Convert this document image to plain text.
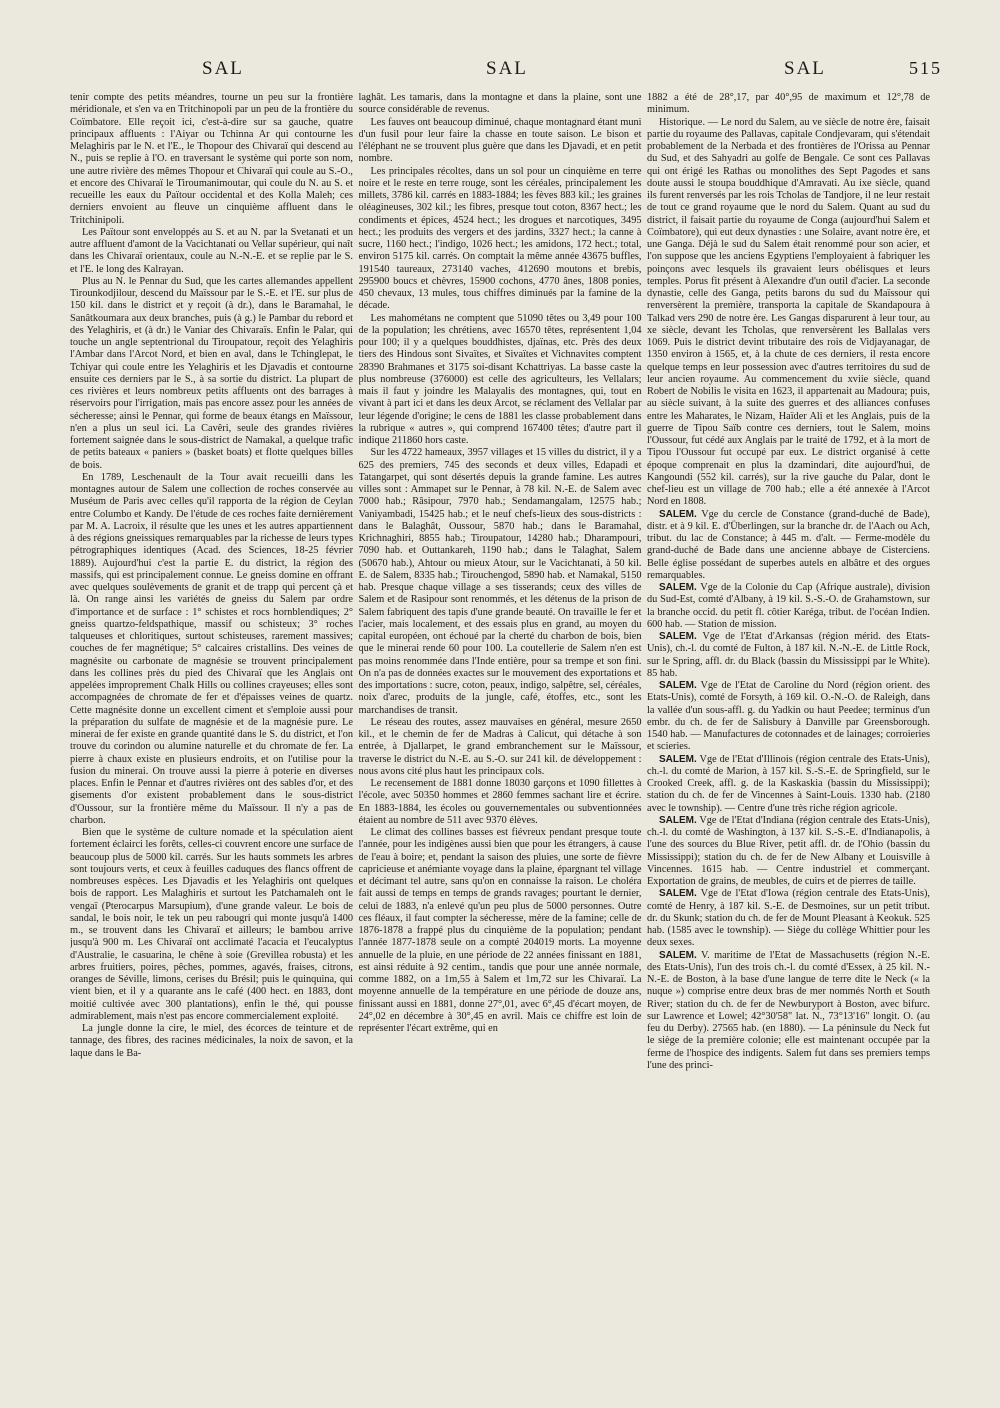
SAL	SAL	SAL	515

tenir compte des petits méandres, tourne un peu sur la frontière méridionale, et s'en va en Tritchinopoli par un peu de la frontière du Coïmbatore. Elle reçoit ici, c'est-à-dire sur sa gauche, quatre principaux affluents : l'Aiyar ou Tchinna Ar qui contourne les Melaghiris par le N. et l'E., le Thopour des Chivaraï qui descend au N., puis se replie à l'O. en traversant le système qui porte son nom, une autre rivière des mêmes Thopour et Chivaraï qui coule au S.-O., et encore des Chivaraï le Tiroumanimoutar, qui coule du N. au S. et recueille les eaux du Païtour occidental et des Kolla Maleh; ces derniers envoient au fleuve un cinquième affluent dans le Tritchinipoli.

Les Païtour sont enveloppés au S. et au N. par la Svetanati et un autre affluent d'amont de la Vacichtanati ou Vellar supérieur, qui naît dans les Chivaraï orientaux, coule au N.-N.-E. et se replie par le S. et l'E. le long des Kalrayan.

Plus au N. le Pennar du Sud, que les cartes allemandes appellent Tirounkodjilour, descend du Maïssour par le S.-E. et l'E. sur plus de 150 kil. dans le district et y reçoit (à dr.), dans le Baramahal, le Sanâtkoumara aux deux branches, puis (à g.) le Pambar du rebord et des Yelaghiris, et (à dr.) le Vaniar des Chivaraïs. Enfin le Palar, qui touche un angle septentrional du Tiroupatour, reçoit des Yelaghiris l'Ambar dans l'Arcot Nord, et bien en aval, dans le Tchinglepat, le Tchiyar qui coule entre les Yelaghiris et les Djavadis et contourne ensuite ces derniers par le S., à sa sortie du district. La plupart de ces rivières et leurs nombreux petits affluents ont des barrages à réservoirs pour l'irrigation, mais pas encore assez pour les années de sécheresse; ainsi le Pennar, qui forme de beaux étangs en Maïssour, n'en a plus un seul ici. La Cavêri, seule des grandes rivières fortement saignée dans le sous-district de Namakal, a quelque trafic de petits bateaux « paniers » (basket boats) et flotte quelques billes de bois.

En 1789, Leschenault de la Tour avait recueilli dans les montagnes autour de Salem une collection de roches conservée au Muséum de Paris avec celles qu'il rapporta de la région de Ceylan entre Columbo et Kandy. De l'étude de ces roches faite dernièrement par M. A. Lacroix, il résulte que les unes et les autres appartiennent à des régions gneissiques remarquables par la richesse de leurs types pétrographiques identiques (Acad. des Sciences, 18-25 février 1889). Aujourd'hui c'est la partie E. du district, la région des massifs, qui est principalement connue. Le gneiss domine en offrant avec quelques soulèvements de granit et de trapp qui percent çà et là. On range ainsi les variétés de gneiss du Salem par ordre d'importance et de surface : 1° schistes et rocs hornblendiques; 2° gneiss quartzo-feldspathique, massif ou schisteux; 3° roches talqueuses et chloritiques, surtout schisteuses, rarement massives; couches de fer magnétique; 5° calcaires cristallins. Des veines de magnésite ou carbonate de magnésie se trouvent principalement dans les collines près du pied des Chivaraï que les Anglais ont appelées improprement Chalk Hills ou collines crayeuses; elles sont accompagnées de chromate de fer et d'épaisses veines de quartz. Cette magnésite donne un excellent ciment et s'emploie aussi pour la préparation du sulfate de magnésie et de la magnésie pure. Le minerai de fer existe en grande quantité dans le S. du district, et l'on trouve du corindon ou alumine naturelle et du chromate de fer. La pierre à chaux existe en plusieurs endroits, et on l'utilise pour la fusion du minerai. On trouve aussi la pierre à poterie en diverses places. Enfin le Pennar et d'autres rivières ont des sables d'or, et des gisements d'or existent probablement dans le sous-district d'Oussour, sur la frontière même du Maïssour. Il n'y a pas de charbon.

Bien que le système de culture nomade et la spéculation aient fortement éclairci les forêts, celles-ci couvrent encore une surface de beaucoup plus de 5000 kil. carrés. Sur les hauts sommets les arbres sont toujours verts, et ceux à feuilles caduques des flancs offrent de nombreuses espèces. Les Djavadis et les Yelaghiris ont quelques bois de rapport. Les Malaghiris et surtout les Patchamaleh ont le vengaï (Pterocarpus Marsupium), d'une grande valeur. Le bois de sandal, le bois noir, le tek un peu rabougri qui monte jusqu'à 1400 m., se trouvent dans les Chivaraï et ailleurs; le bambou arrive jusqu'à 900 m. Les Chivaraï ont acclimaté l'acacia et l'eucalyptus d'Australie, le casuarina, le chêne à soie (Grevillea robusta) et les arbres fruitiers, poires, pêches, pommes, agavés, fraises, citrons, oranges de Séville, limons, cerises du Brésil; puis le quinquina, qui vient bien, et il y a quarante ans le café (400 hect. en 1883, dont moitié cultivée avec 300 plantations), enfin le thé, qui pousse admirablement, mais n'est pas encore commercialement exploité.

La jungle donne la cire, le miel, des écorces de teinture et de tannage, des fibres, des racines médicinales, la noix de savon, et la laque dans le Ba-

laghât. Les tamaris, dans la montagne et dans la plaine, sont une source considérable de revenus.

Les fauves ont beaucoup diminué, chaque montagnard étant muni d'un fusil pour leur faire la chasse en toute saison. Le bison et l'éléphant ne se trouvent plus guère que dans les Djavadi, et en petit nombre.

Les principales récoltes, dans un sol pour un cinquième en terre noire et le reste en terre rouge, sont les céréales, principalement les millets, 3786 kil. carrés en 1883-1884; les fèves 883 kil.; les graines oléagineuses, 302 kil.; les fibres, presque tout coton, 8367 hect.; les condiments et épices, 4524 hect.; les drogues et narcotiques, 3495 hect.; les produits des vergers et des jardins, 3327 hect.; la canne à sucre, 1160 hect.; l'indigo, 1026 hect.; les amidons, 172 hect.; total, environ 5175 kil. carrés. On comptait la même année 43675 buffles, 191540 taureaux, 273140 vaches, 412690 moutons et brebis, 295900 boucs et chèvres, 15900 cochons, 4770 ânes, 1808 ponies, 450 chevaux, 13 mules, tous chiffres diminués par la famine de la décade.

Les mahométans ne comptent que 51090 têtes ou 3,49 pour 100 de la population; les chrétiens, avec 16570 têtes, représentent 1,04 pour 100; il y a quelques bouddhistes, djaïnas, etc. Près des deux tiers des Hindous sont Sivaïtes, et Sivaïtes et Vichnavites comptent 28390 Brahmanes et 3175 soi-disant Kchattriyas. La basse caste la plus nombreuse (376000) est celle des agriculteurs, les Vellalars; mais il faut y joindre les Malayalis des montagnes, qui, tout en vivant à part ici et dans les deux Arcot, se réclament des Vellalar par leur légende d'origine; le cens de 1881 les classe probablement dans la rubrique « autres », qui comprend 167400 têtes; d'autre part il indique 211860 hors caste.

Sur les 4722 hameaux, 3957 villages et 15 villes du district, il y a 625 des premiers, 745 des seconds et deux villes, Edapadi et Tatangarpet, qui sont désertés depuis la grande famine. Les autres villes sont : Ammapet sur le Pennar, à 78 kil. N.-E. de Salem avec 7000 hab.; Râsipour, 7970 hab.; Sendamangalam, 12575 hab.; Vaniyambadi, 15425 hab.; et le neuf chefs-lieux des sous-districts : dans le Balaghât, Oussour, 5870 hab.; dans le Baramahal, Krichnaghiri, 8855 hab.; Tiroupatour, 14280 hab.; Dharampouri, 7090 hab. et Outtankareh, 1190 hab.; dans le Talaghat, Salem (50670 hab.), Ahtour ou mieux Atour, sur le Vacichtanati, à 50 kil. E. de Salem, 8335 hab.; Tirouchengod, 5890 hab. et Namakal, 5150 hab. Presque chaque village a ses tisserands; ceux des villes de Salem et de Rasipour sont renommés, et les détenus de la prison de Salem fabriquent des tapis d'une grande beauté. On travaille le fer et l'acier, mais localement, et des essais plus en grand, au moyen du capital européen, ont échoué par la cherté du charbon de bois, bien que le minerai rende 60 pour 100. La coutellerie de Salem n'en est pas moins renommée dans l'Inde entière, pour sa trempe et son fini. On n'a pas de données exactes sur le mouvement des exportations et des importations : sucre, coton, peaux, indigo, salpêtre, sel, céréales, noix d'arec, produits de la jungle, café, étoffes, etc., sont les marchandises de transit.

Le réseau des routes, assez mauvaises en général, mesure 2650 kil., et le chemin de fer de Madras à Calicut, qui détache à son entrée, à Djallarpet, le grand embranchement sur le Maïssour, traverse le district du N.-E. au S.-O. sur 241 kil. de développement : nous avons cité plus haut les principaux cols.

Le recensement de 1881 donne 18030 garçons et 1090 fillettes à l'école, avec 50350 hommes et 2860 femmes sachant lire et écrire. En 1883-1884, les écoles ou gouvernementales ou subventionnées étaient au nombre de 511 avec 9370 élèves.

Le climat des collines basses est fiévreux pendant presque toute l'année, pour les indigènes aussi bien que pour les étrangers, à cause de l'eau à boire; et, pendant la saison des pluies, une sorte de fièvre capricieuse et anémiante voyage dans la plaine, épargnant tel village et décimant tel autre, sans qu'on en connaisse la raison. Le choléra fait aussi de temps en temps de grands ravages; pourtant le dernier, celui de 1883, n'a enlevé qu'un peu plus de 5000 personnes. Outre ces fléaux, il faut compter la sécheresse, mère de la famine; celle de 1876-1878 a frappé plus du cinquième de la population; pendant l'année 1877-1878 seule on a compté 204019 morts. La moyenne annuelle de la pluie, en une période de 22 années finissant en 1881, est ainsi réduite à 92 centim., tandis que pour une année normale, comme 1882, on a 1m,55 à Salem et 1m,72 sur les Chivaraï. La moyenne annuelle de la température en une période de douze ans, finissant aussi en 1881, donne 27°,01, avec 6°,45 d'écart moyen, de 24°,02 en décembre à 30°,45 en avril. Mais ce chiffre est loin de représenter l'écart extrême, qui en

1882 a été de 28°,17, par 40°,95 de maximum et 12°,78 de minimum.

Historique. — Le nord du Salem, au ve siècle de notre ère, faisait partie du royaume des Pallavas, capitale Condjevaram, qui s'étendait probablement de la Nerbada et des frontières de l'Orissa au Pennar du Sud, et des Sahyadri au golfe de Bengale. Ce sont ces Pallavas qui ont érigé les Rathas ou monolithes des Sept Pagodes et sans doute aussi le stoupa bouddhique d'Amravati. Au ixe siècle, quand ils furent renversés par les rois Tcholas de Tandjore, il ne leur restait de tout ce grand royaume que le nord du Salem. Quant au sud du district, il faisait partie du royaume de Conga (aujourd'hui Salem et Coïmbatore), qui eut deux dynasties : une Solaire, avant notre ère, et une Ganga. Déjà le sud du Salem était renommé pour son acier, et l'on suppose que les anciens Egyptiens l'employaient à fabriquer les poinçons avec lesquels ils gravaient leurs obélisques et leurs temples. Porus fit présent à Alexandre d'un outil d'acier. La seconde dynastie, celle des Ganga, petits barons du sud du Maïssour qui renversèrent la première, transporta la capitale de Skandapoura à Talkad vers 290 de notre ère. Les Gangas disparurent à leur tour, au xe siècle, devant les Tcholas, que renversèrent les Ballalas vers 1069. Puis le district devint tributaire des rois de Vidjayanagar, de 1350 environ à 1565, et, à la chute de ces derniers, il resta encore quelque temps en leur possession avec d'autres territoires du sud de leur ancien royaume. Au commencement du xviie siècle, quand Robert de Nobilis le visita en 1623, il appartenait au Madoura; puis, au siècle suivant, à la suite des guerres et des alliances confuses entre les Maharates, le Nizam, Haïder Ali et les Anglais, puis de la guerre de Tipou Saïb contre ces derniers, tout le Salem, moins l'Oussour, fut cédé aux Anglais par le traité de 1792, et à la mort de Tipou l'Oussour fut occupé par eux. Le district organisé à cette époque comprenait en plus la dzamindari, dite aujourd'hui, de Kangoundi (552 kil. carrés), sur la rive gauche du Palar, dont le chef-lieu est un village de 700 hab.; elle a été annexée à l'Arcot Nord en 1808.

SALEM. Vge du cercle de Constance (grand-duché de Bade), distr. et à 9 kil. E. d'Überlingen, sur la branche dr. de l'Aach ou Ach, tribut. du lac de Constance; à 445 m. d'alt. — Ferme-modèle du grand-duché de Bade dans une ancienne abbaye de Cisterciens. Belle église possédant de superbes autels en albâtre et des orgues remarquables.

SALEM. Vge de la Colonie du Cap (Afrique australe), division du Sud-Est, comté d'Albany, à 19 kil. S.-S.-O. de Grahamstown, sur la branche occid. du petit fl. côtier Karéga, tribut. de l'océan Indien. 600 hab. — Station de mission.

SALEM. Vge de l'Etat d'Arkansas (région mérid. des Etats-Unis), ch.-l. du comté de Fulton, à 187 kil. N.-N.-E. de Little Rock, sur le Spring, affl. dr. du Black (bassin du Mississippi par le White). 85 hab.

SALEM. Vge de l'Etat de Caroline du Nord (région orient. des Etats-Unis), comté de Forsyth, à 169 kil. O.-N.-O. de Raleigh, dans la vallée d'un sous-affl. g. du Yadkin ou haut Peedee; terminus d'un embr. du ch. de fer de Salisbury à Danville par Greensborough. 1540 hab. — Manufactures de cotonnades et de lainages; corroieries et scieries.

SALEM. Vge de l'Etat d'Illinois (région centrale des Etats-Unis), ch.-l. du comté de Marion, à 157 kil. S.-S.-E. de Springfield, sur le Crooked Creek, affl. g. de la Kaskaskia (bassin du Mississippi); station du ch. de fer de Vincennes à Saint-Louis. 1330 hab. (2180 avec le township). — Centre d'une très riche région agricole.

SALEM. Vge de l'Etat d'Indiana (région centrale des Etats-Unis), ch.-l. du comté de Washington, à 137 kil. S.-S.-E. d'Indianapolis, à l'une des sources du Blue River, petit affl. dr. de l'Ohio (bassin du Mississippi); station du ch. de fer de New Albany et Louisville à Vincennes. 1615 hab. — Centre industriel et commerçant. Exportation de grains, de meubles, de cuirs et de pierres de taille.

SALEM. Vge de l'Etat d'Iowa (région centrale des Etats-Unis), comté de Henry, à 187 kil. S.-E. de Desmoines, sur un petit tribut. dr. du Skunk; station du ch. de fer de Mount Pleasant à Keokuk. 525 hab. (1585 avec le township). — Siège du collège Whittier pour les deux sexes.

SALEM. V. maritime de l'Etat de Massachusetts (région N.-E. des Etats-Unis), l'un des trois ch.-l. du comté d'Essex, à 25 kil. N.-N.-E. de Boston, à la base d'une langue de terre dite le Neck (« la nuque ») comprise entre deux bras de mer nommés North et South River; station du ch. de fer de Newburyport à Boston, avec bifurc. sur Lawrence et Lowel; 42°30'58" lat. N., 73°13'16" longit. O. (au feu du Derby). 27565 hab. (en 1880). — La péninsule du Neck fut le siège de la première colonie; elle est maintenant occupée par la ferme de l'hospice des indigents. Salem fut dans ses premiers temps l'une des princi-
